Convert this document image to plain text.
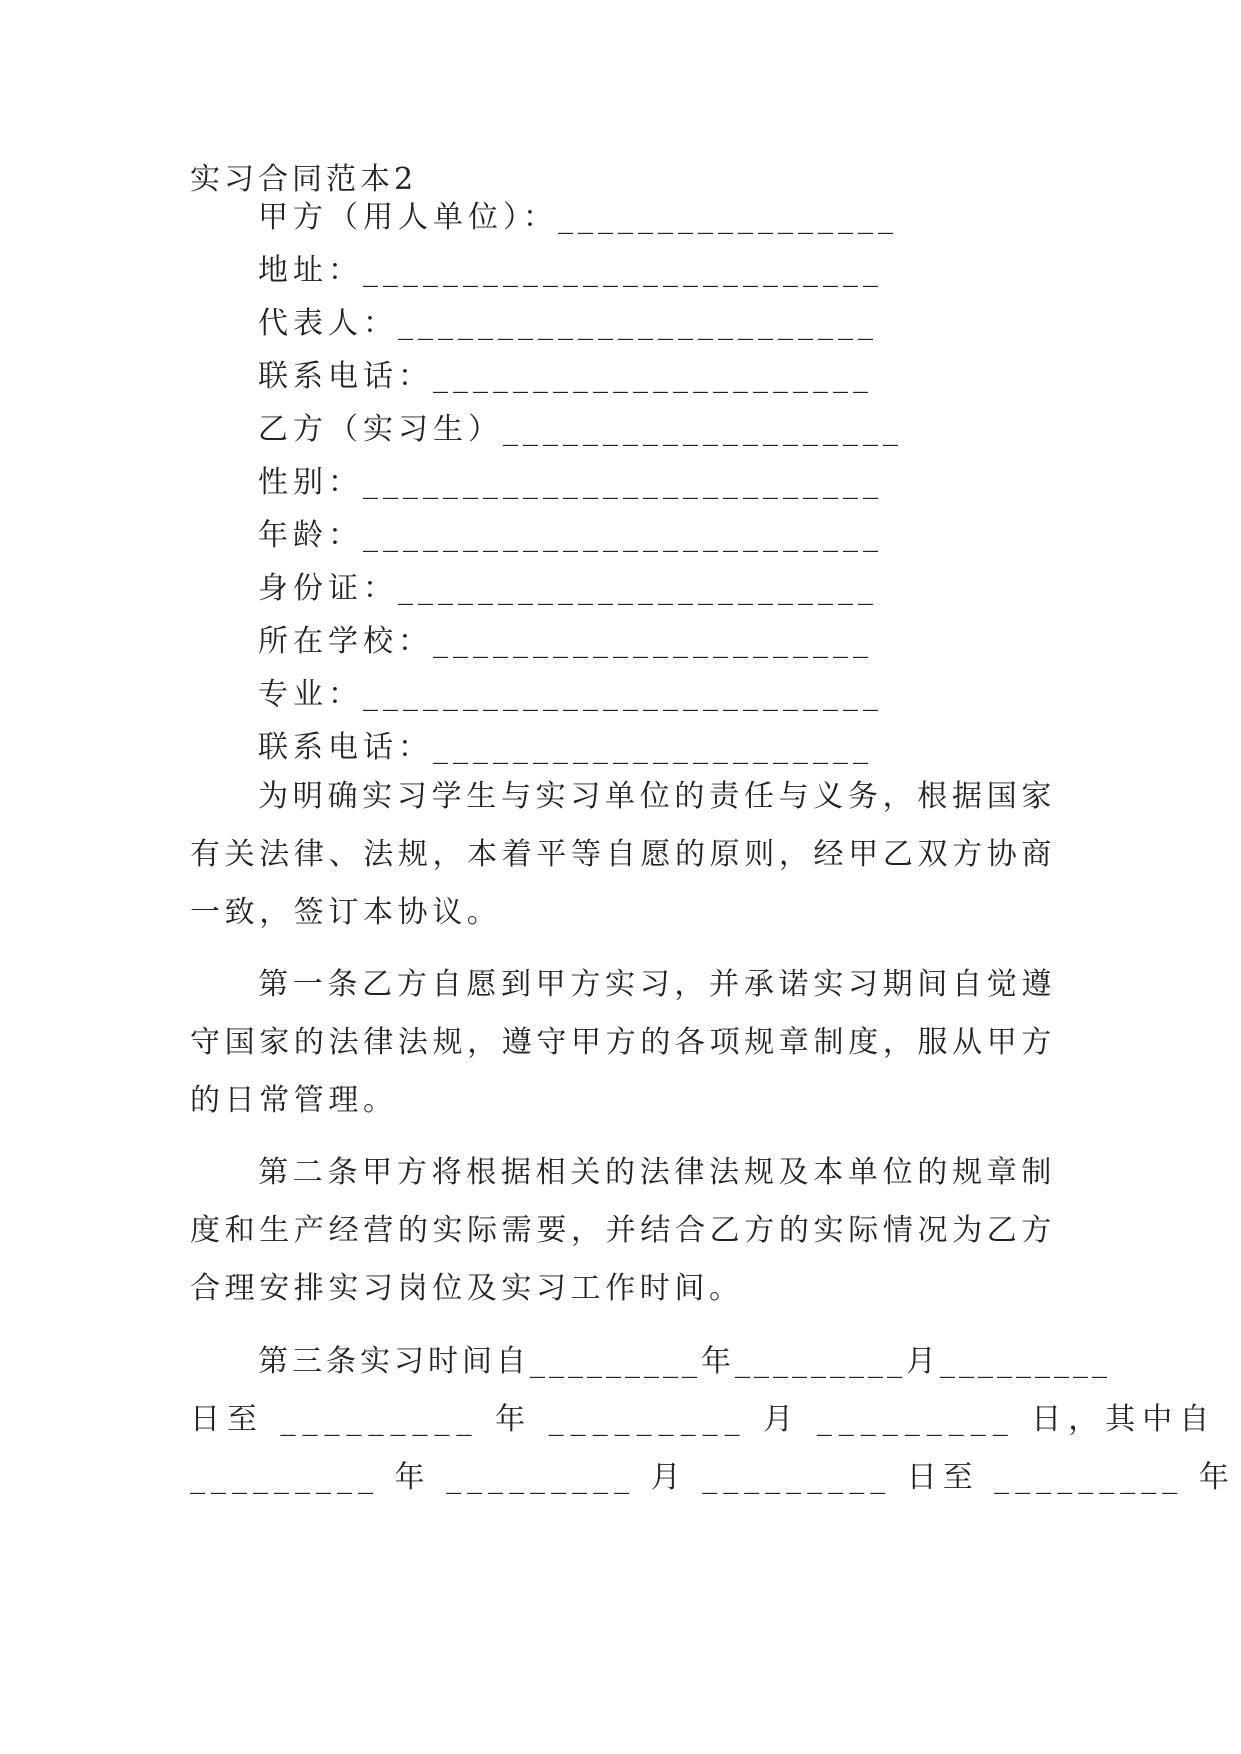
实习合同范本2
甲方（用人单位）：_________________
地址：__________________________
代表人：________________________
联系电话：______________________
乙方（实习生）____________________
性别：__________________________
年龄：__________________________
身份证：________________________
所在学校：______________________
专业：__________________________
联系电话：______________________
为明确实习学生与实习单位的责任与义务，根据国家有关法律、法规，本着平等自愿的原则，经甲乙双方协商一致，签订本协议。
第一条乙方自愿到甲方实习，并承诺实习期间自觉遵守国家的法律法规，遵守甲方的各项规章制度，服从甲方的日常管理。
第二条甲方将根据相关的法律法规及本单位的规章制度和生产经营的实际需要，并结合乙方的实际情况为乙方合理安排实习岗位及实习工作时间。
第三条实习时间自_________年_________月_________
日至 _________ 年 _________ 月 _________ 日，其中自
_________ 年 _________ 月 _________ 日至 _________ 年
